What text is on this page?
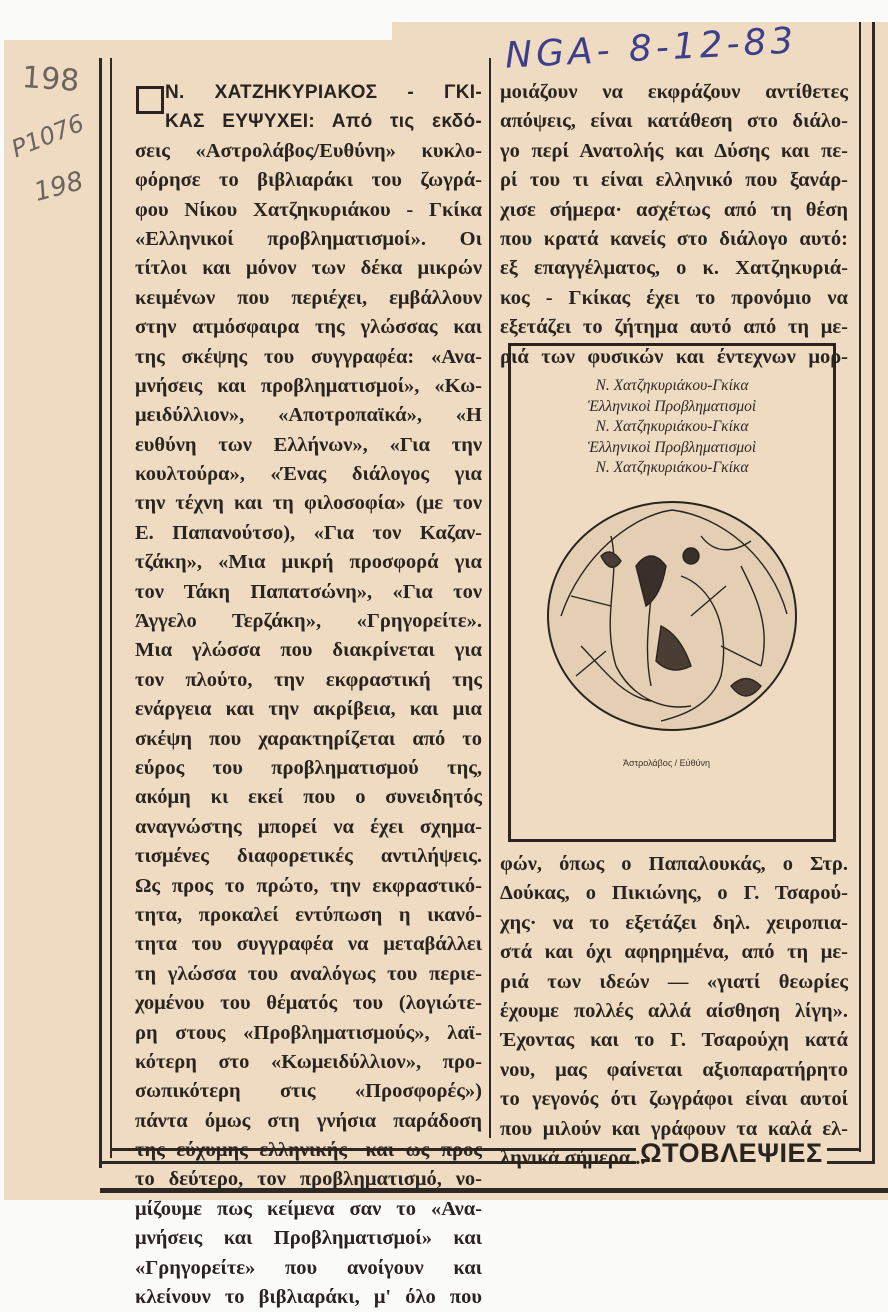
198
Ρ1076
198
NGA- 8-12-83
ΩΤΟΒΛΕΨΙΕΣ
Ν. ΧΑΤΖΗΚΥΡΙΑΚΟΣ - ΓΚΙ-
ΚΑΣ ΕΥΨΥΧΕΙ: Από τις εκδό-
σεις «Αστρολάβος/Ευθύνη» κυκλο-
φόρησε το βιβλιαράκι του ζωγρά-
φου Νίκου Χατζηκυριάκου - Γκίκα
«Ελληνικοί προβληματισμοί». Οι
τίτλοι και μόνον των δέκα μικρών
κειμένων που περιέχει, εμβάλλουν
στην ατμόσφαιρα της γλώσσας και
της σκέψης του συγγραφέα: «Ανα-
μνήσεις και προβληματισμοί», «Κω-
μειδύλλιον», «Αποτροπαϊκά», «Η
ευθύνη των Ελλήνων», «Για την
κουλτούρα», «Ένας διάλογος για
την τέχνη και τη φιλοσοφία» (με τον
Ε. Παπανούτσο), «Για τον Καζαν-
τζάκη», «Μια μικρή προσφορά για
τον Τάκη Παπατσώνη», «Για τον
Άγγελο Τερζάκη», «Γρηγορείτε».
Μια γλώσσα που διακρίνεται για
τον πλούτο, την εκφραστική της
ενάργεια και την ακρίβεια, και μια
σκέψη που χαρακτηρίζεται από το
εύρος του προβληματισμού της,
ακόμη κι εκεί που ο συνειδητός
αναγνώστης μπορεί να έχει σχημα-
τισμένες διαφορετικές αντιλήψεις.
Ως προς το πρώτο, την εκφραστικό-
τητα, προκαλεί εντύπωση η ικανό-
τητα του συγγραφέα να μεταβάλλει
τη γλώσσα του αναλόγως του περιε-
χομένου του θέματός του (λογιώτε-
ρη στους «Προβληματισμούς», λαϊ-
κότερη στο «Κωμειδύλλιον», προ-
σωπικότερη στις «Προσφορές»)
πάντα όμως στη γνήσια παράδοση
της εύχυμης ελληνικής· και ως προς
το δεύτερο, τον προβληματισμό, νο-
μίζουμε πως κείμενα σαν το «Ανα-
μνήσεις και Προβληματισμοί» και
«Γρηγορείτε» που ανοίγουν και
κλείνουν το βιβλιαράκι, μ' όλο που
μοιάζουν να εκφράζουν αντίθετες
απόψεις, είναι κατάθεση στο διάλο-
γο περί Ανατολής και Δύσης και πε-
ρί του τι είναι ελληνικό που ξανάρ-
χισε σήμερα· ασχέτως από τη θέση
που κρατά κανείς στο διάλογο αυτό:
εξ επαγγέλματος, ο κ. Χατζηκυριά-
κος - Γκίκας έχει το προνόμιο να
εξετάζει το ζήτημα αυτό από τη με-
ριά των φυσικών και έντεχνων μορ-
φών, όπως ο Παπαλουκάς, ο Στρ.
Δούκας, ο Πικιώνης, ο Γ. Τσαρού-
χης· να το εξετάζει δηλ. χειροπια-
στά και όχι αφηρημένα, από τη με-
ριά των ιδεών — «γιατί θεωρίες
έχουμε πολλές αλλά αίσθηση λίγη».
Έχοντας και το Γ. Τσαρούχη κατά
νου, μας φαίνεται αξιοπαρατήρητο
το γεγονός ότι ζωγράφοι είναι αυτοί
που μιλούν και γράφουν τα καλά ελ-
ληνικά σήμερα...
Ν. Χατζηκυριάκου-Γκίκα
Ἑλληνικοὶ Προβληματισμοὶ
Ν. Χατζηκυριάκου-Γκίκα
Ἑλληνικοὶ Προβληματισμοὶ
Ν. Χατζηκυριάκου-Γκίκα
Ἀστρολάβος / Εὐθύνη
